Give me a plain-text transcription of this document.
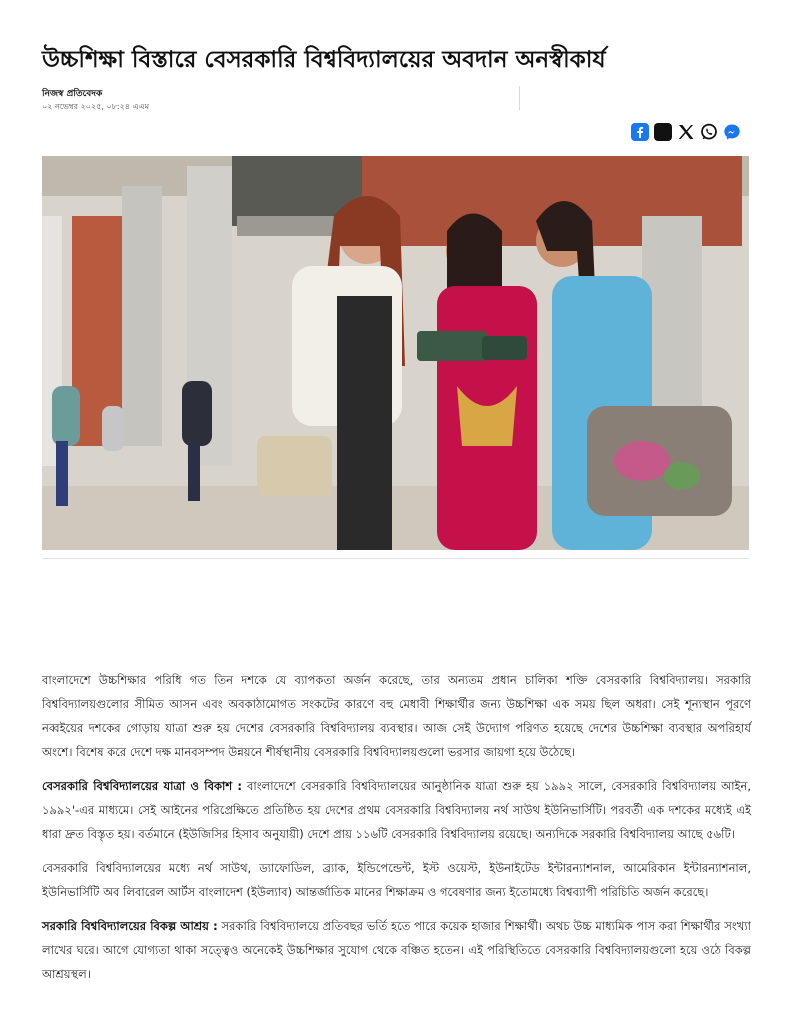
উচ্চশিক্ষা বিস্তারে বেসরকারি বিশ্ববিদ্যালয়ের অবদান অনস্বীকার্য
নিজস্ব প্রতিবেদক
০২ নভেম্বর ২০২৫, ০৮:২৪ এএম

বাংলাদেশে উচ্চশিক্ষার পরিধি গত তিন দশকে যে ব্যাপকতা অর্জন করেছে, তার অন্যতম প্রধান চালিকা শক্তি বেসরকারি বিশ্ববিদ্যালয়। সরকারি বিশ্ববিদ্যালয়গুলোর সীমিত আসন এবং অবকাঠামোগত সংকটের কারণে বহু মেধাবী শিক্ষার্থীর জন্য উচ্চশিক্ষা এক সময় ছিল অধরা। সেই শূন্যস্থান পূরণে নব্বইয়ের দশকের গোড়ায় যাত্রা শুরু হয় দেশের বেসরকারি বিশ্ববিদ্যালয় ব্যবস্থার। আজ সেই উদ্যোগ পরিণত হয়েছে দেশের উচ্চশিক্ষা ব্যবস্থার অপরিহার্য অংশে। বিশেষ করে দেশে দক্ষ মানবসম্পদ উন্নয়নে শীর্ষস্থানীয় বেসরকারি বিশ্ববিদ্যালয়গুলো ভরসার জায়গা হয়ে উঠেছে।

বেসরকারি বিশ্ববিদ্যালয়ের যাত্রা ও বিকাশ : বাংলাদেশে বেসরকারি বিশ্ববিদ্যালয়ের আনুষ্ঠানিক যাত্রা শুরু হয় ১৯৯২ সালে, বেসরকারি বিশ্ববিদ্যালয় আইন, ১৯৯২'-এর মাধ্যমে। সেই আইনের পরিপ্রেক্ষিতে প্রতিষ্ঠিত হয় দেশের প্রথম বেসরকারি বিশ্ববিদ্যালয় নর্থ সাউথ ইউনিভার্সিটি। পরবর্তী এক দশকের মধ্যেই এই ধারা দ্রুত বিস্তৃত হয়। বর্তমানে (ইউজিসির হিসাব অনুযায়ী) দেশে প্রায় ১১৬টি বেসরকারি বিশ্ববিদ্যালয় রয়েছে। অন্যদিকে সরকারি বিশ্ববিদ্যালয় আছে ৫৬টি।

বেসরকারি বিশ্ববিদ্যালয়ের মধ্যে নর্থ সাউথ, ড্যাফোডিল, ব্র্যাক, ইন্ডিপেন্ডেন্ট, ইস্ট ওয়েস্ট, ইউনাইটেড ইন্টারন্যাশনাল, আমেরিকান ইন্টারন্যাশনাল, ইউনিভার্সিটি অব লিবারেল আর্টস বাংলাদেশ (ইউল্যাব) আন্তর্জাতিক মানের শিক্ষাক্রম ও গবেষণার জন্য ইতোমধ্যে বিশ্বব্যাপী পরিচিতি অর্জন করেছে।

সরকারি বিশ্ববিদ্যালয়ের বিকল্প আশ্রয় : সরকারি বিশ্ববিদ্যালয়ে প্রতিবছর ভর্তি হতে পারে কয়েক হাজার শিক্ষার্থী। অথচ উচ্চ মাধ্যমিক পাস করা শিক্ষার্থীর সংখ্যা লাখের ঘরে। আগে যোগ্যতা থাকা সত্ত্বেও অনেকেই উচ্চশিক্ষার সুযোগ থেকে বঞ্চিত হতেন। এই পরিস্থিতিতে বেসরকারি বিশ্ববিদ্যালয়গুলো হয়ে ওঠে বিকল্প আশ্রয়স্থল।
